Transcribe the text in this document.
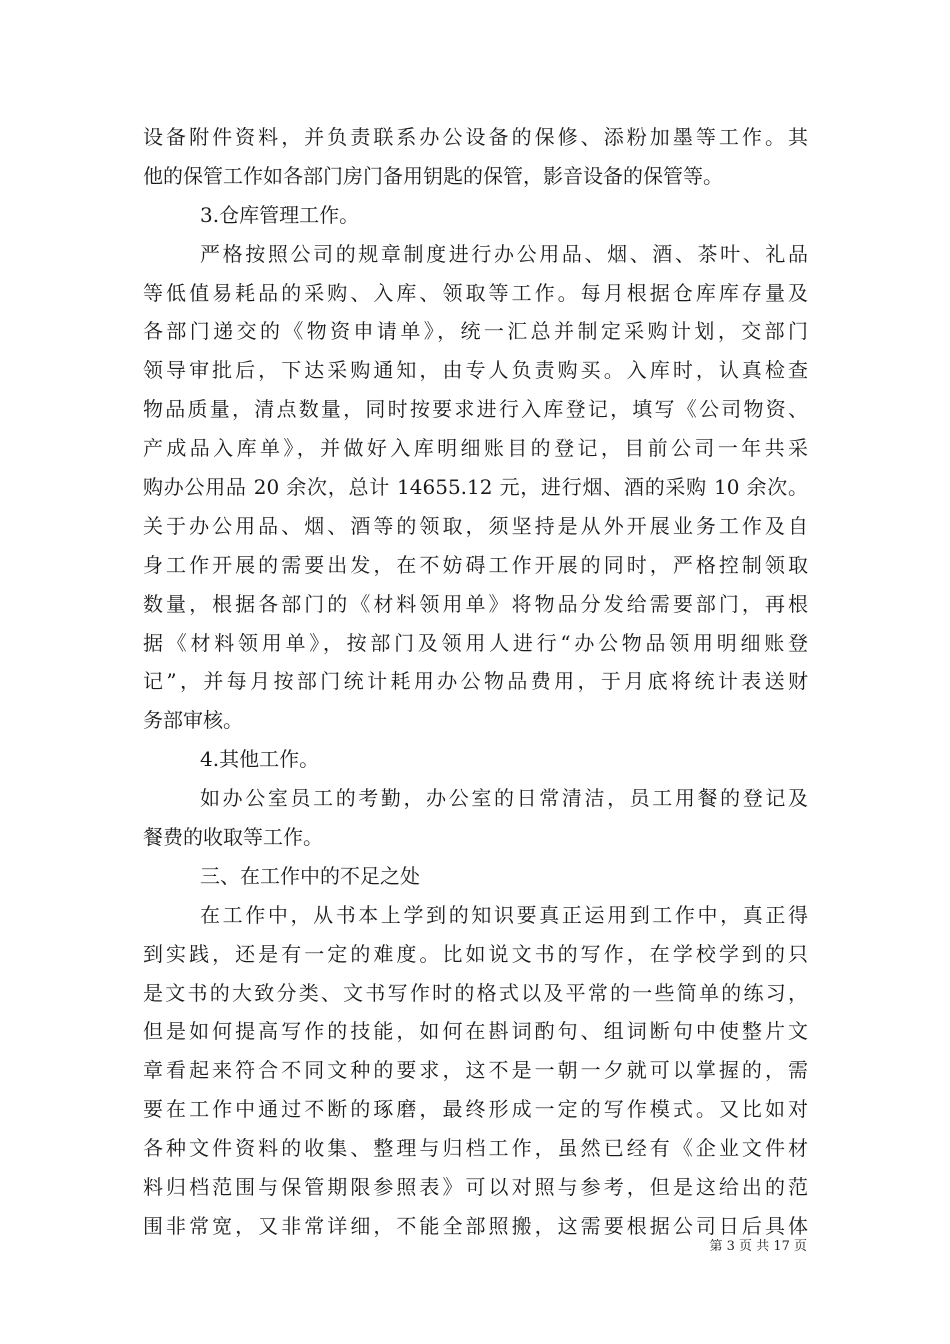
设备附件资料，并负责联系办公设备的保修、添粉加墨等工作。其
他的保管工作如各部门房门备用钥匙的保管，影音设备的保管等。
3.仓库管理工作。
严格按照公司的规章制度进行办公用品、烟、酒、茶叶、礼品
等低值易耗品的采购、入库、领取等工作。每月根据仓库库存量及
各部门递交的《物资申请单》，统一汇总并制定采购计划，交部门
领导审批后，下达采购通知，由专人负责购买。入库时，认真检查
物品质量，清点数量，同时按要求进行入库登记，填写《公司物资、
产成品入库单》，并做好入库明细账目的登记，目前公司一年共采
购办公用品 20 余次，总计 14655.12 元，进行烟、酒的采购 10 余次。
关于办公用品、烟、酒等的领取，须坚持是从外开展业务工作及自
身工作开展的需要出发，在不妨碍工作开展的同时，严格控制领取
数量，根据各部门的《材料领用单》将物品分发给需要部门，再根
据《材料领用单》，按部门及领用人进行“办公物品领用明细账登
记”，并每月按部门统计耗用办公物品费用，于月底将统计表送财
务部审核。
4.其他工作。
如办公室员工的考勤，办公室的日常清洁，员工用餐的登记及
餐费的收取等工作。
三、在工作中的不足之处
在工作中，从书本上学到的知识要真正运用到工作中，真正得
到实践，还是有一定的难度。比如说文书的写作，在学校学到的只
是文书的大致分类、文书写作时的格式以及平常的一些简单的练习，
但是如何提高写作的技能，如何在斟词酌句、组词断句中使整片文
章看起来符合不同文种的要求，这不是一朝一夕就可以掌握的，需
要在工作中通过不断的琢磨，最终形成一定的写作模式。又比如对
各种文件资料的收集、整理与归档工作，虽然已经有《企业文件材
料归档范围与保管期限参照表》可以对照与参考，但是这给出的范
围非常宽，又非常详细，不能全部照搬，这需要根据公司日后具体
第 3 页 共 17 页
